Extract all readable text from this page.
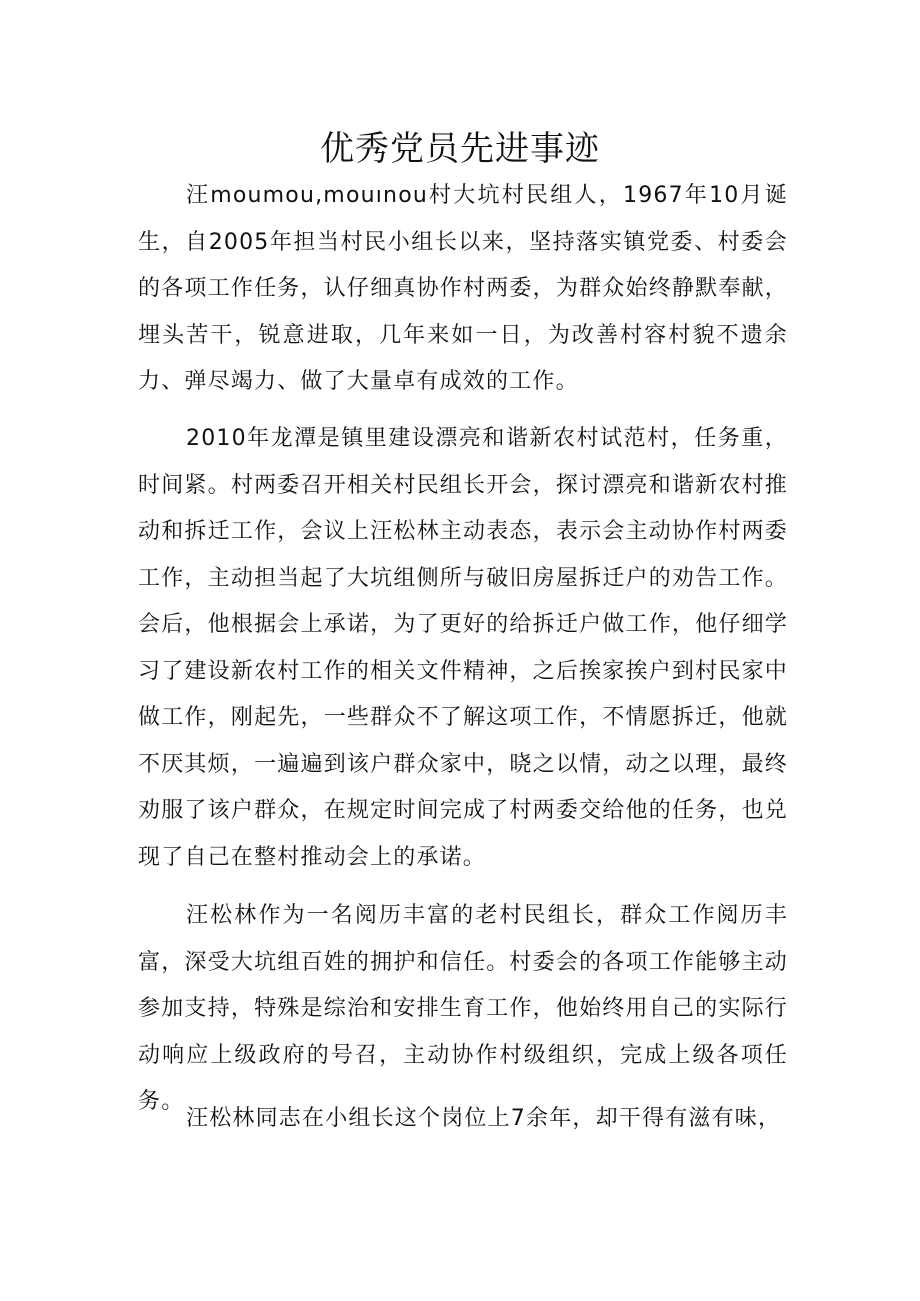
优秀党员先进事迹

汪moumou,mouınou村大坑村民组人，1967年10月诞生，自2005年担当村民小组长以来，坚持落实镇党委、村委会的各项工作任务，认仔细真协作村两委，为群众始终静默奉献，埋头苦干，锐意进取，几年来如一日，为改善村容村貌不遗余力、弹尽竭力、做了大量卓有成效的工作。

2010年龙潭是镇里建设漂亮和谐新农村试范村，任务重，时间紧。村两委召开相关村民组长开会，探讨漂亮和谐新农村推动和拆迁工作，会议上汪松林主动表态，表示会主动协作村两委工作，主动担当起了大坑组侧所与破旧房屋拆迁户的劝告工作。会后，他根据会上承诺，为了更好的给拆迁户做工作，他仔细学习了建设新农村工作的相关文件精神，之后挨家挨户到村民家中做工作，刚起先，一些群众不了解这项工作，不情愿拆迁，他就不厌其烦，一遍遍到该户群众家中，晓之以情，动之以理，最终劝服了该户群众，在规定时间完成了村两委交给他的任务，也兑现了自己在整村推动会上的承诺。

汪松林作为一名阅历丰富的老村民组长，群众工作阅历丰富，深受大坑组百姓的拥护和信任。村委会的各项工作能够主动参加支持，特殊是综治和安排生育工作，他始终用自己的实际行动响应上级政府的号召，主动协作村级组织，完成上级各项任务。

汪松林同志在小组长这个岗位上7余年，却干得有滋有味，
